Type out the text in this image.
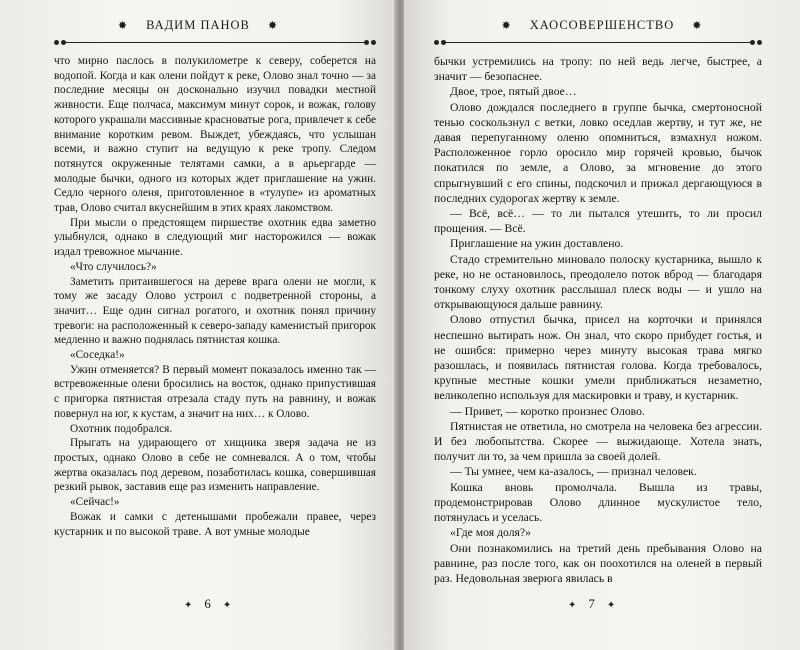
✸ ВАДИМ ПАНОВ ✸

что мирно паслось в полукилометре к северу, соберется на водопой. Когда и как олени пойдут к реке, Олово знал точно — за последние месяцы он досконально изучил повадки местной живности. Еще полчаса, максимум минут сорок, и вожак, голову которого украшали массивные красноватые рога, привлечет к себе внимание коротким ревом. Выждет, убеждаясь, что услышан всеми, и важно ступит на ведущую к реке тропу. Следом потянутся окруженные телятами самки, а в арьергарде — молодые бычки, одного из которых ждет приглашение на ужин. Седло черного оленя, приготовленное в «тулупе» из ароматных трав, Олово считал вкуснейшим в этих краях лакомством.

При мысли о предстоящем пиршестве охотник едва заметно улыбнулся, однако в следующий миг насторожился — вожак издал тревожное мычание.

«Что случилось?»

Заметить притаившегося на дереве врага олени не могли, к тому же засаду Олово устроил с подветренной стороны, а значит… Еще один сигнал рогатого, и охотник понял причину тревоги: на расположенный к северо-западу каменистый пригорок медленно и важно поднялась пятнистая кошка.

«Соседка!»

Ужин отменяется? В первый момент показалось именно так — встревоженные олени бросились на восток, однако припустившая с пригорка пятнистая отрезала стаду путь на равнину, и вожак повернул на юг, к кустам, а значит на них… к Олово.

Охотник подобрался.

Прыгать на удирающего от хищника зверя задача не из простых, однако Олово в себе не сомневался. А о том, чтобы жертва оказалась под деревом, позаботилась кошка, совершившая резкий рывок, заставив еще раз изменить направление.

«Сейчас!»

Вожак и самки с детенышами пробежали правее, через кустарник и по высокой траве. А вот умные молодые

✦ 6 ✦
✸ ХАОСОВЕРШЕНСТВО ✸

бычки устремились на тропу: по ней ведь легче, быстрее, а значит — безопаснее.

Двое, трое, пятый двое…

Олово дождался последнего в группе бычка, смертоносной тенью соскользнул с ветки, ловко оседлав жертву, и тут же, не давая перепуганному оленю опомниться, взмахнул ножом. Расположенное горло оросило мир горячей кровью, бычок покатился по земле, а Олово, за мгновение до этого спрыгнувший с его спины, подскочил и прижал дергающуюся в последних судорогах жертву к земле.

— Всё, всё… — то ли пытался утешить, то ли просил прощения. — Всё.

Приглашение на ужин доставлено.

Стадо стремительно миновало полоску кустарника, вышло к реке, но не остановилось, преодолело поток вброд — благодаря тонкому слуху охотник расслышал плеск воды — и ушло на открывающуюся дальше равнину.

Олово отпустил бычка, присел на корточки и принялся неспешно вытирать нож. Он знал, что скоро прибудет гостья, и не ошибся: примерно через минуту высокая трава мягко разошлась, и появилась пятнистая голова. Когда требовалось, крупные местные кошки умели приближаться незаметно, великолепно используя для маскировки и траву, и кустарник.

— Привет, — коротко произнес Олово.

Пятнистая не ответила, но смотрела на человека без агрессии. И без любопытства. Скорее — выжидающе. Хотела знать, получит ли то, за чем пришла за своей долей.

— Ты умнее, чем ка-азалось, — признал человек.

Кошка вновь промолчала. Вышла из травы, продемонстрировав Олово длинное мускулистое тело, потянулась и уселась.

«Где моя доля?»

Они познакомились на третий день пребывания Олово на равнине, раз после того, как он поохотился на оленей в первый раз. Недовольная зверюга явилась в

✦ 7 ✦
